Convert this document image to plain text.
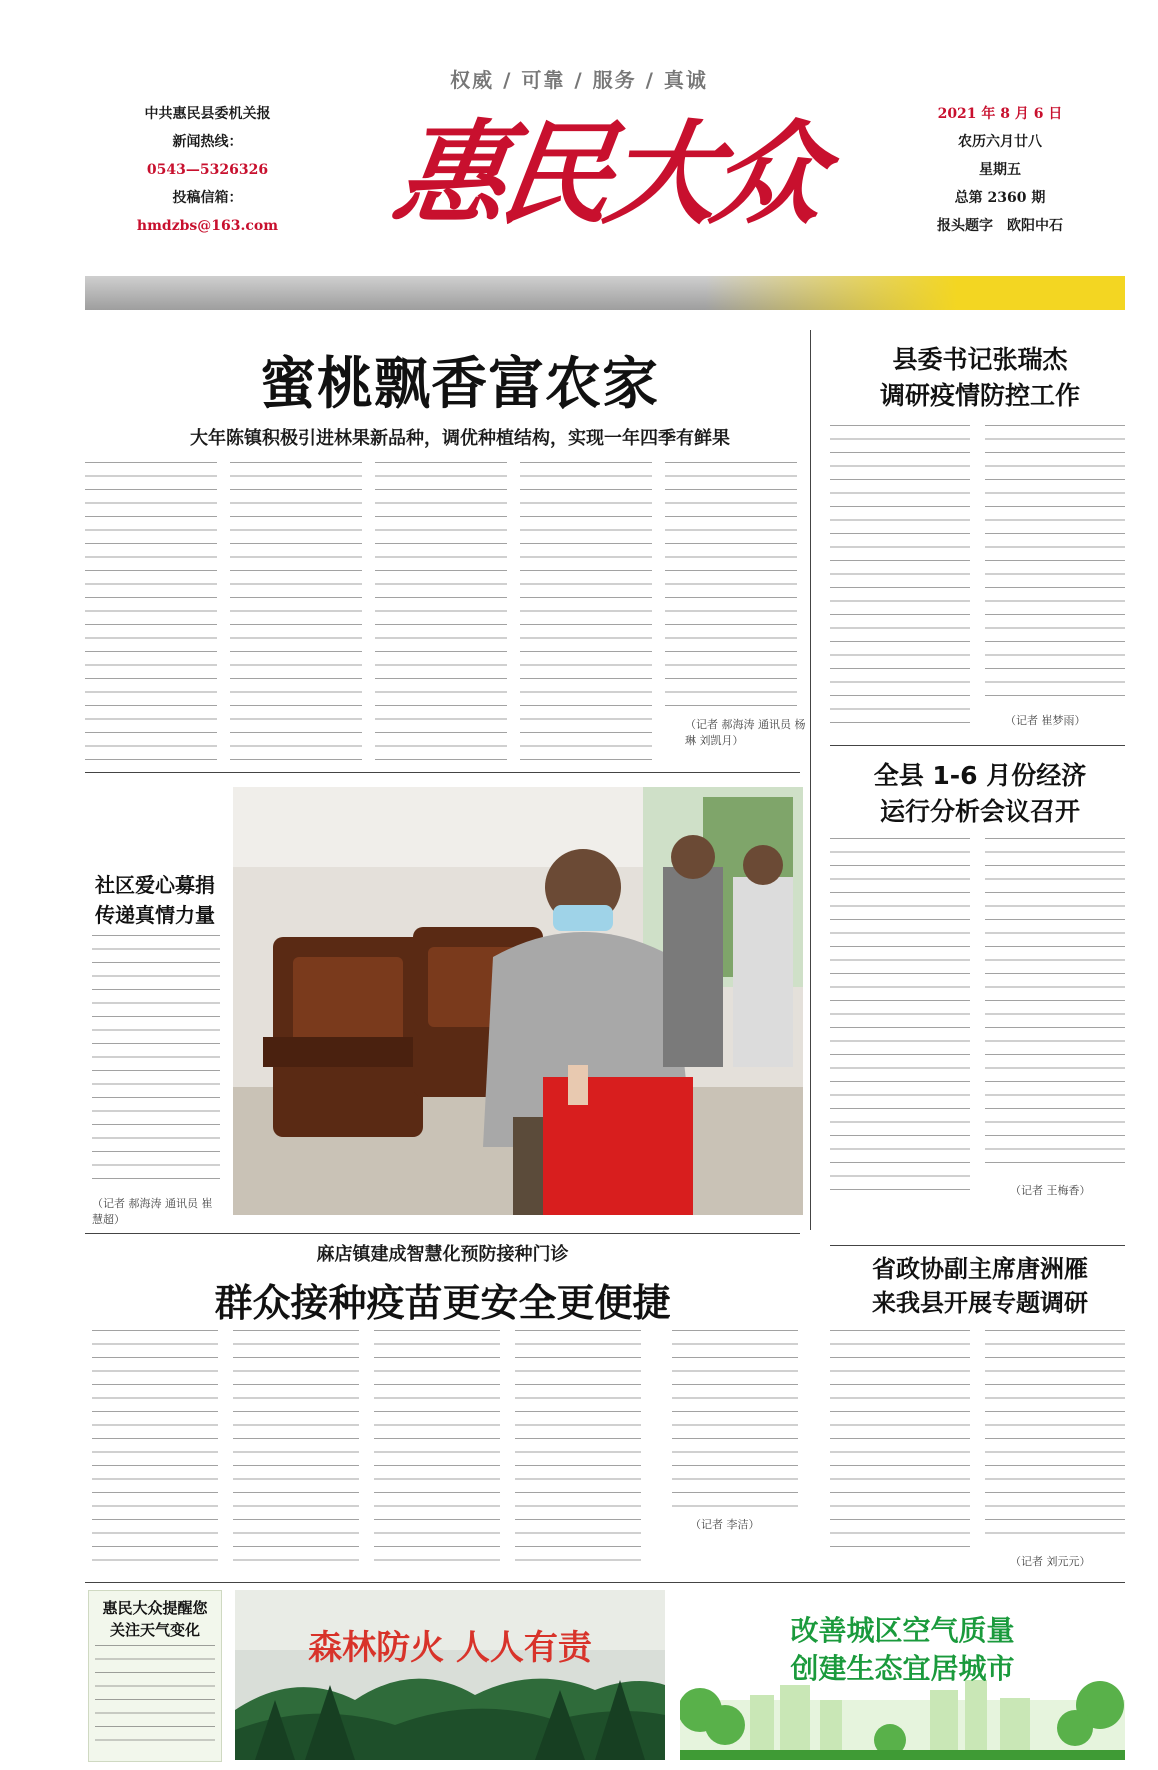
权威 / 可靠 / 服务 / 真诚
中共惠民县委机关报
新闻热线：
0543—5326326
投稿信箱：
hmdzbs@163.com 惠民大众	2021 年 8 月 6 日
农历六月廿八
星期五
总第 2360 期
报头题字　欧阳中石
蜜桃飘香富农家
大年陈镇积极引进林果新品种，调优种植结构，实现一年四季有鲜果
（记者 郝海涛 通讯员 杨琳 刘凯月）
县委书记张瑞杰
调研疫情防控工作
（记者 崔梦雨）
全县 1-6 月份经济
运行分析会议召开
（记者 王梅香）
社区爱心募捐
传递真情力量
（记者 郝海涛 通讯员 崔慧超）
麻店镇建成智慧化预防接种门诊
群众接种疫苗更安全更便捷
（记者 李洁）
省政协副主席唐洲雁
来我县开展专题调研
（记者 刘元元）
惠民大众提醒您
关注天气变化	森林防火 人人有责	改善城区空气质量
创建生态宜居城市
